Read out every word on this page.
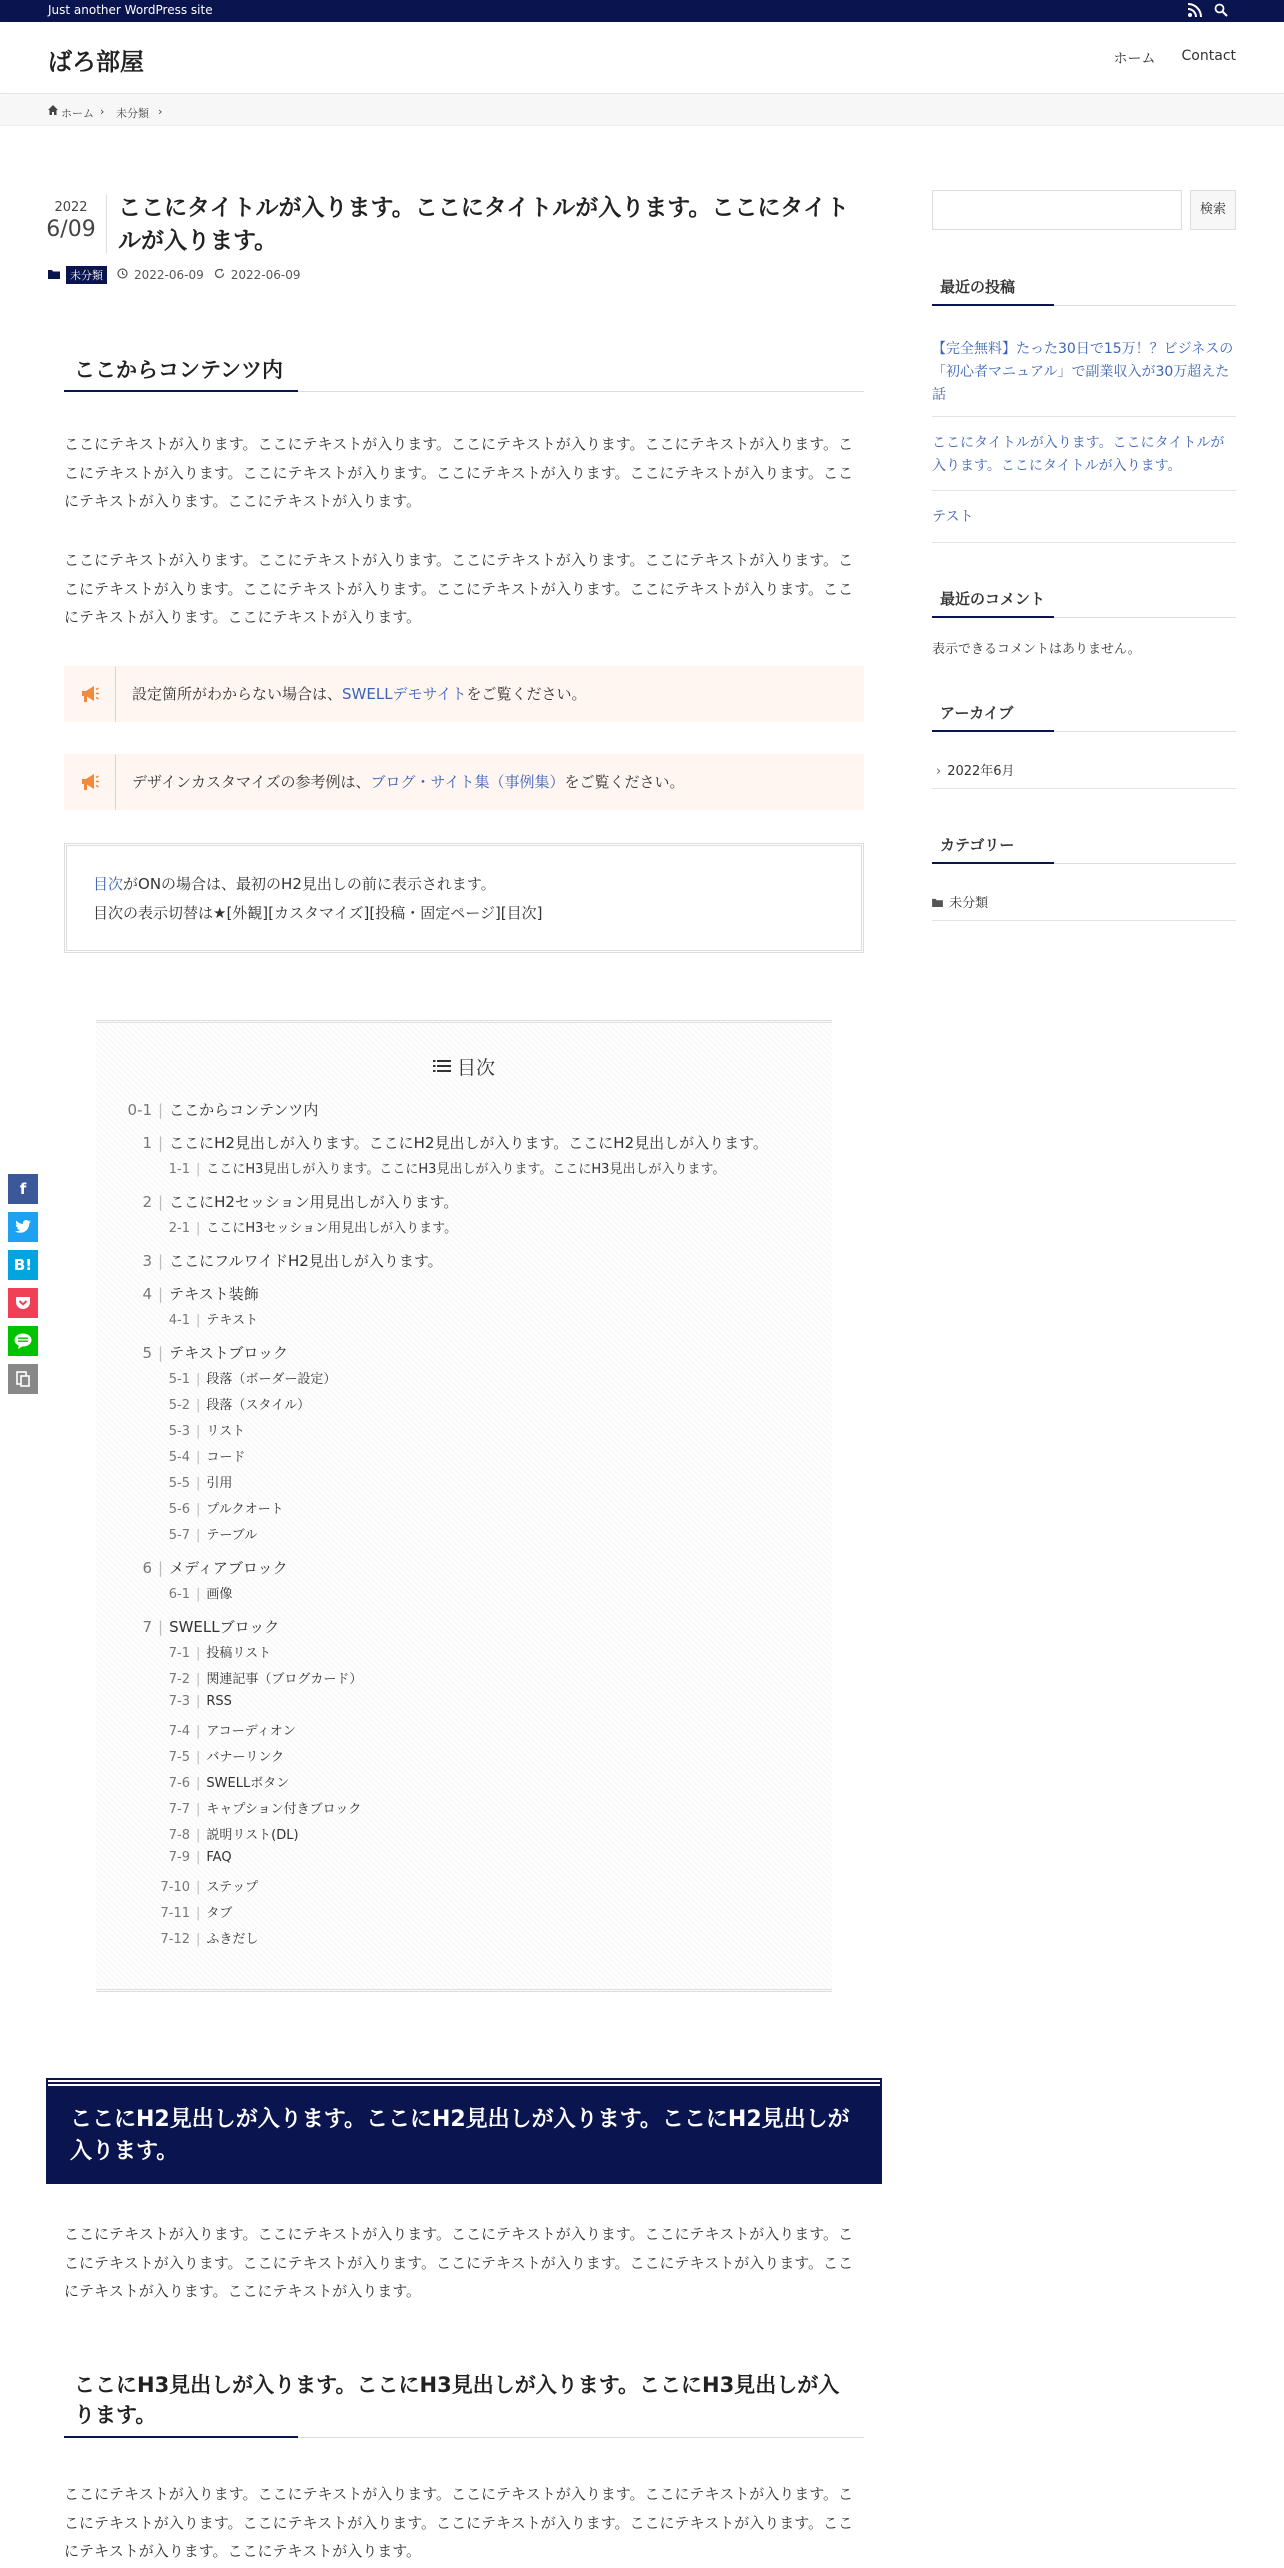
Just another WordPress site
ばろ部屋	ホーム Contact
ホーム › 未分類 ›
2022
6/09
ここにタイトルが入ります。ここにタイトルが入ります。ここにタイトルが入ります。
未分類	2022-06-09 2022-06-09
ここからコンテンツ内

ここにテキストが入ります。ここにテキストが入ります。ここにテキストが入ります。ここにテキストが入ります。ここにテキストが入ります。ここにテキストが入ります。ここにテキストが入ります。ここにテキストが入ります。ここにテキストが入ります。ここにテキストが入ります。

ここにテキストが入ります。ここにテキストが入ります。ここにテキストが入ります。ここにテキストが入ります。ここにテキストが入ります。ここにテキストが入ります。ここにテキストが入ります。ここにテキストが入ります。ここにテキストが入ります。ここにテキストが入ります。

設定箇所がわからない場合は、SWELLデモサイトをご覧ください。
デザインカスタマイズの参考例は、ブログ・サイト集（事例集）をご覧ください。
目次がONの場合は、最初のH2見出しの前に表示されます。
目次の表示切替は★[外観][カスタマイズ][投稿・固定ページ][目次]
目次
0-1 | ここからコンテンツ内
1 | ここにH2見出しが入ります。ここにH2見出しが入ります。ここにH2見出しが入ります。
1-1 | ここにH3見出しが入ります。ここにH3見出しが入ります。ここにH3見出しが入ります。
2 | ここにH2セッション用見出しが入ります。
2-1 | ここにH3セッション用見出しが入ります。
3 | ここにフルワイドH2見出しが入ります。
4 | テキスト装飾
4-1 | テキスト
5 | テキストブロック
5-1 | 段落（ボーダー設定）
5-2 | 段落（スタイル）
5-3 | リスト
5-4 | コード
5-5 | 引用
5-6 | プルクオート
5-7 | テーブル
6 | メディアブロック
6-1 | 画像
7 | SWELLブロック
7-1 | 投稿リスト
7-2 | 関連記事（ブログカード）
7-3 | RSS
7-4 | アコーディオン
7-5 | バナーリンク
7-6 | SWELLボタン
7-7 | キャプション付きブロック
7-8 | 説明リスト(DL)
7-9 | FAQ
7-10 | ステップ
7-11 | タブ
7-12 | ふきだし
ここにH2見出しが入ります。ここにH2見出しが入ります。ここにH2見出しが入ります。

ここにテキストが入ります。ここにテキストが入ります。ここにテキストが入ります。ここにテキストが入ります。ここにテキストが入ります。ここにテキストが入ります。ここにテキストが入ります。ここにテキストが入ります。ここにテキストが入ります。ここにテキストが入ります。

ここにH3見出しが入ります。ここにH3見出しが入ります。ここにH3見出しが入ります。

ここにテキストが入ります。ここにテキストが入ります。ここにテキストが入ります。ここにテキストが入ります。ここにテキストが入ります。ここにテキストが入ります。ここにテキストが入ります。ここにテキストが入ります。ここにテキストが入ります。ここにテキストが入ります。

検索
最近の投稿
【完全無料】たった30日で15万！？ビジネスの「初心者マニュアル」で副業収入が30万超えた話
ここにタイトルが入ります。ここにタイトルが入ります。ここにタイトルが入ります。
テスト
最近のコメント
表示できるコメントはありません。
アーカイブ
› 2022年6月
カテゴリー
未分類
f
B!
